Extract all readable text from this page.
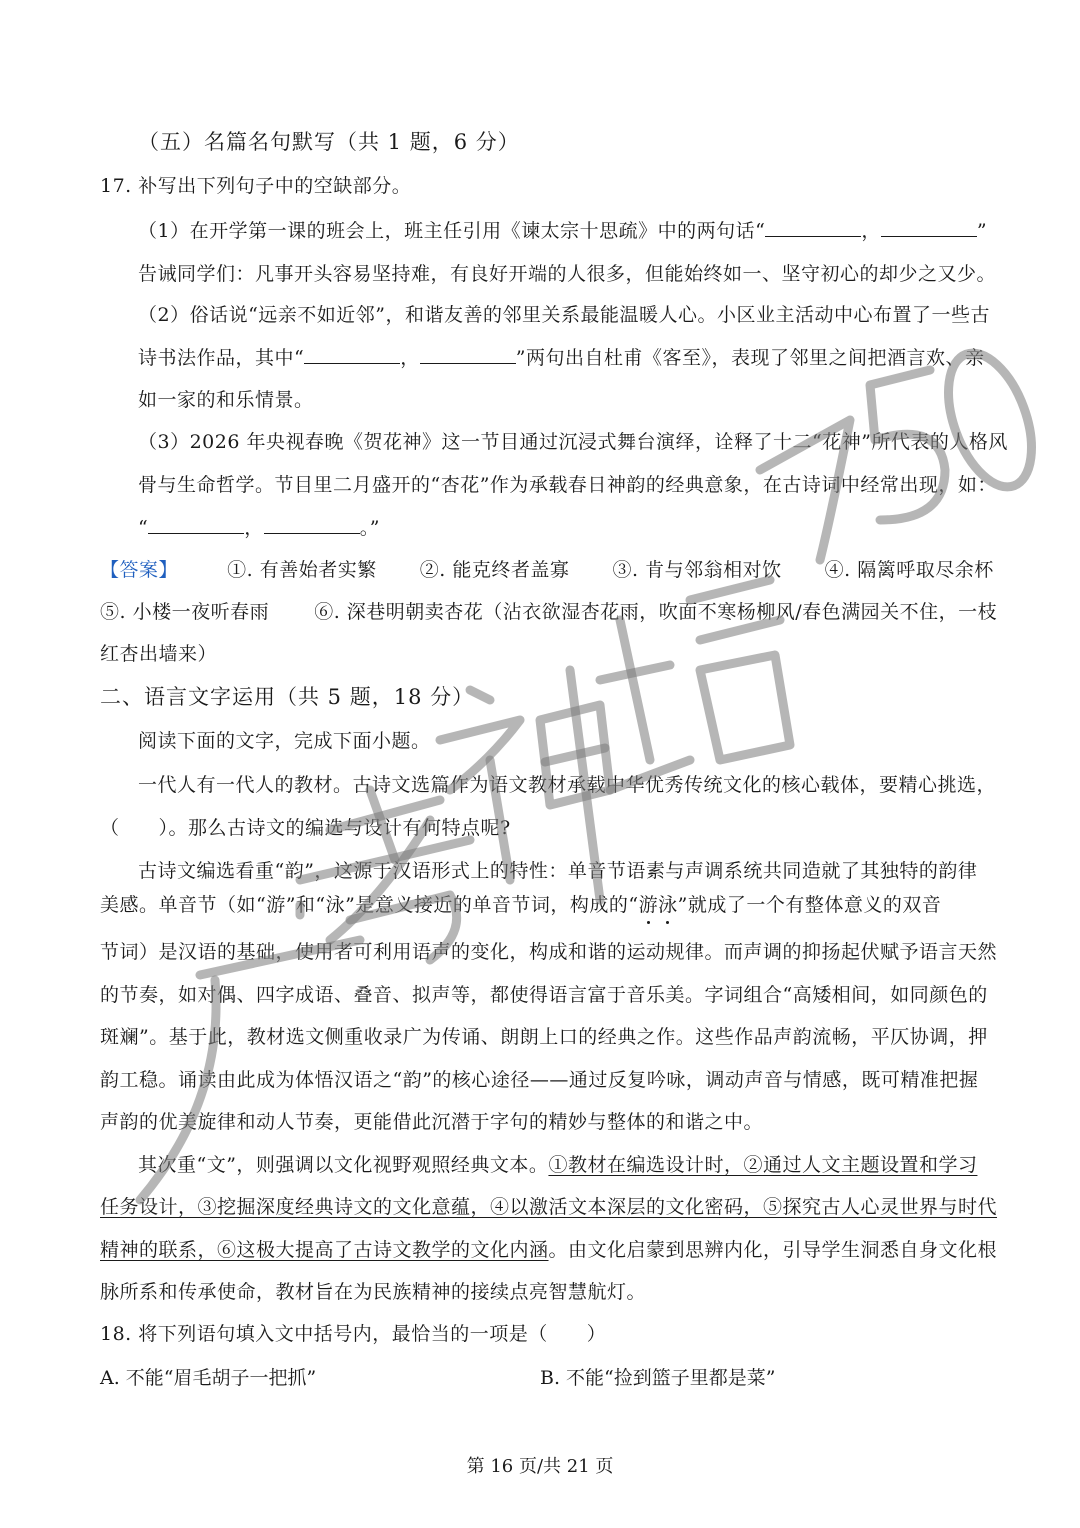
（五）名篇名句默写（共 1 题，6 分）
17. 补写出下列句子中的空缺部分。
（1）在开学第一课的班会上，班主任引用《谏太宗十思疏》中的两句话“	，	”
告诫同学们：凡事开头容易坚持难，有良好开端的人很多，但能始终如一、坚守初心的却少之又少。
（2）俗话说“远亲不如近邻”，和谐友善的邻里关系最能温暖人心。小区业主活动中心布置了一些古
诗书法作品，其中“	，	”两句出自杜甫《客至》，表现了邻里之间把酒言欢、亲
如一家的和乐情景。
（3）2026 年央视春晚《贺花神》这一节目通过沉浸式舞台演绎，诠释了十二“花神”所代表的人格风
骨与生命哲学。节目里二月盛开的“杏花”作为承载春日神韵的经典意象，在古诗词中经常出现，如：
“	，	。”
【答案】	①. 有善始者实繁 ②. 能克终者盖寡 ③. 肯与邻翁相对饮 ④. 隔篱呼取尽余杯
⑤. 小楼一夜听春雨 ⑥. 深巷明朝卖杏花（沾衣欲湿杏花雨，吹面不寒杨柳风/春色满园关不住，一枝
红杏出墙来）
二、语言文字运用（共 5 题，18 分）
阅读下面的文字，完成下面小题。
一代人有一代人的教材。古诗文选篇作为语文教材承载中华优秀传统文化的核心载体，要精心挑选，
（　　）。那么古诗文的编选与设计有何特点呢?
古诗文编选看重“韵”，这源于汉语形式上的特性：单音节语素与声调系统共同造就了其独特的韵律
美感。单音节（如“游”和“泳”是意义接近的单音节词，构成的“游泳”就成了一个有整体意义的双音
节词）是汉语的基础，使用者可利用语声的变化，构成和谐的运动规律。而声调的抑扬起伏赋予语言天然
的节奏，如对偶、四字成语、叠音、拟声等，都使得语言富于音乐美。字词组合“高矮相间，如同颜色的
斑斓”。基于此，教材选文侧重收录广为传诵、朗朗上口的经典之作。这些作品声韵流畅，平仄协调，押
韵工稳。诵读由此成为体悟汉语之“韵”的核心途径——通过反复吟咏，调动声音与情感，既可精准把握
声韵的优美旋律和动人节奏，更能借此沉潜于字句的精妙与整体的和谐之中。
其次重“文”，则强调以文化视野观照经典文本。①教材在编选设计时，②通过人文主题设置和学习
任务设计，③挖掘深度经典诗文的文化意蕴，④以激活文本深层的文化密码，⑤探究古人心灵世界与时代
精神的联系，⑥这极大提高了古诗文教学的文化内涵。由文化启蒙到思辨内化，引导学生洞悉自身文化根
脉所系和传承使命，教材旨在为民族精神的接续点亮智慧航灯。
18. 将下列语句填入文中括号内，最恰当的一项是（　　）
A. 不能“眉毛胡子一把抓”	B. 不能“捡到篮子里都是菜”
第 16 页/共 21 页
